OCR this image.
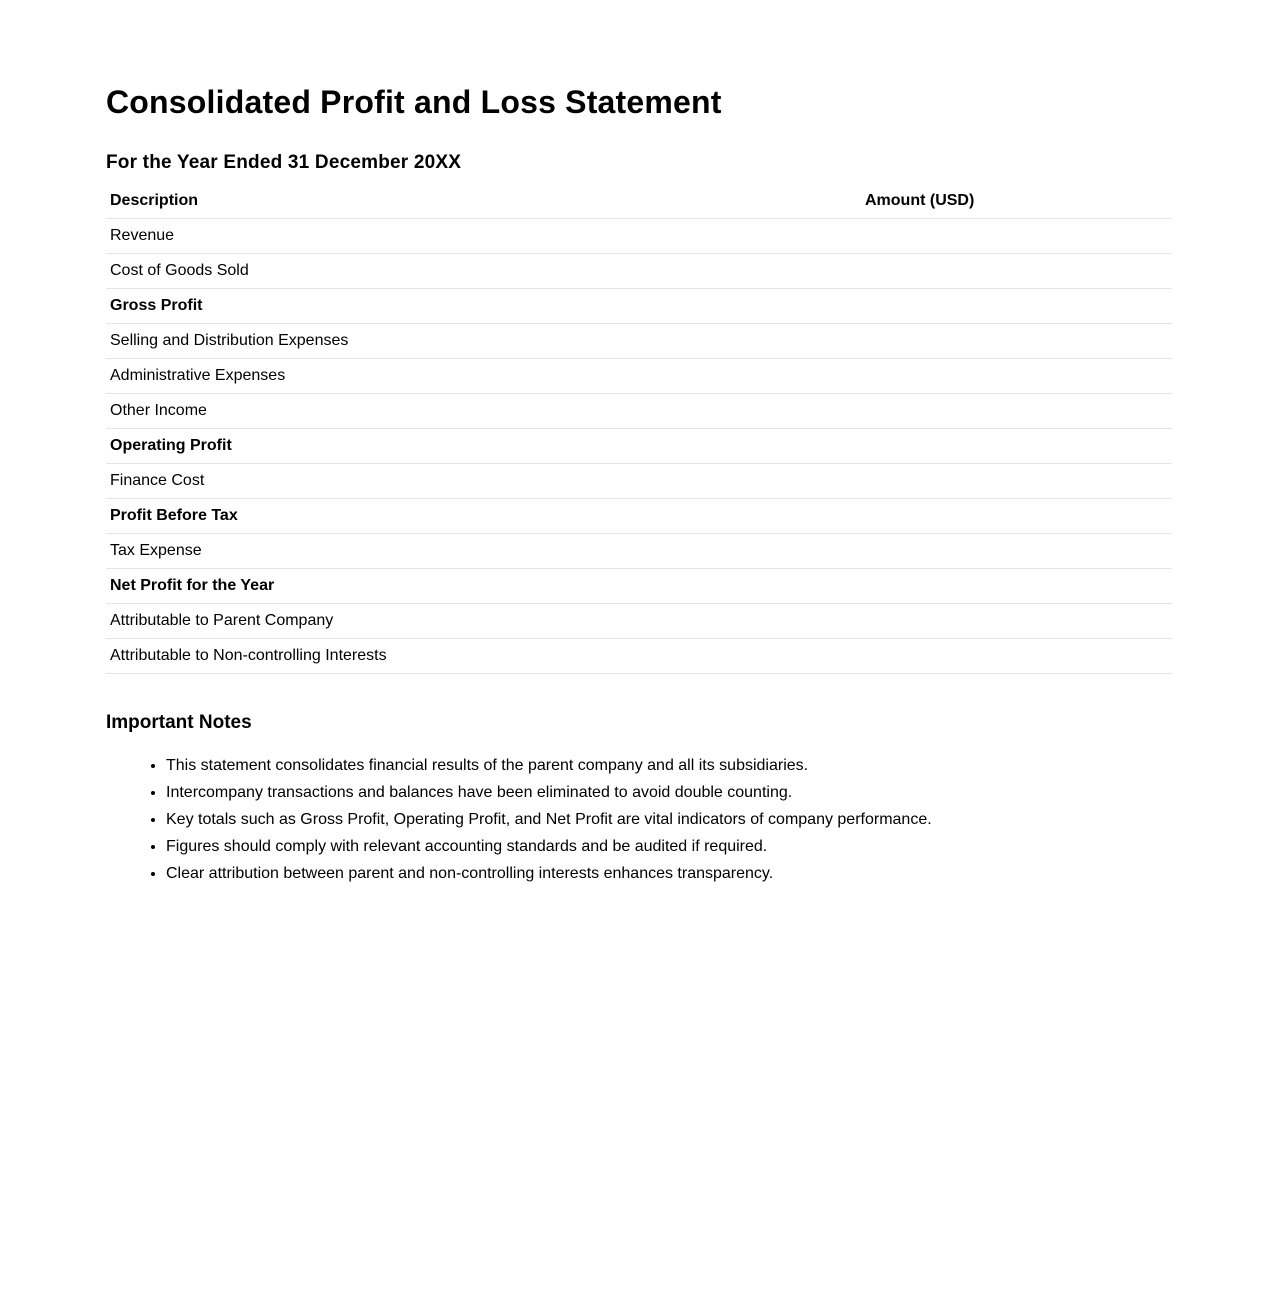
Consolidated Profit and Loss Statement
For the Year Ended 31 December 20XX
Description	Amount (USD)
Revenue	
Cost of Goods Sold	
Gross Profit	
Selling and Distribution Expenses	
Administrative Expenses	
Other Income	
Operating Profit	
Finance Cost	
Profit Before Tax	
Tax Expense	
Net Profit for the Year	
Attributable to Parent Company	
Attributable to Non-controlling Interests	
Important Notes
• This statement consolidates financial results of the parent company and all its subsidiaries.
• Intercompany transactions and balances have been eliminated to avoid double counting.
• Key totals such as Gross Profit, Operating Profit, and Net Profit are vital indicators of company performance.
• Figures should comply with relevant accounting standards and be audited if required.
• Clear attribution between parent and non-controlling interests enhances transparency.
